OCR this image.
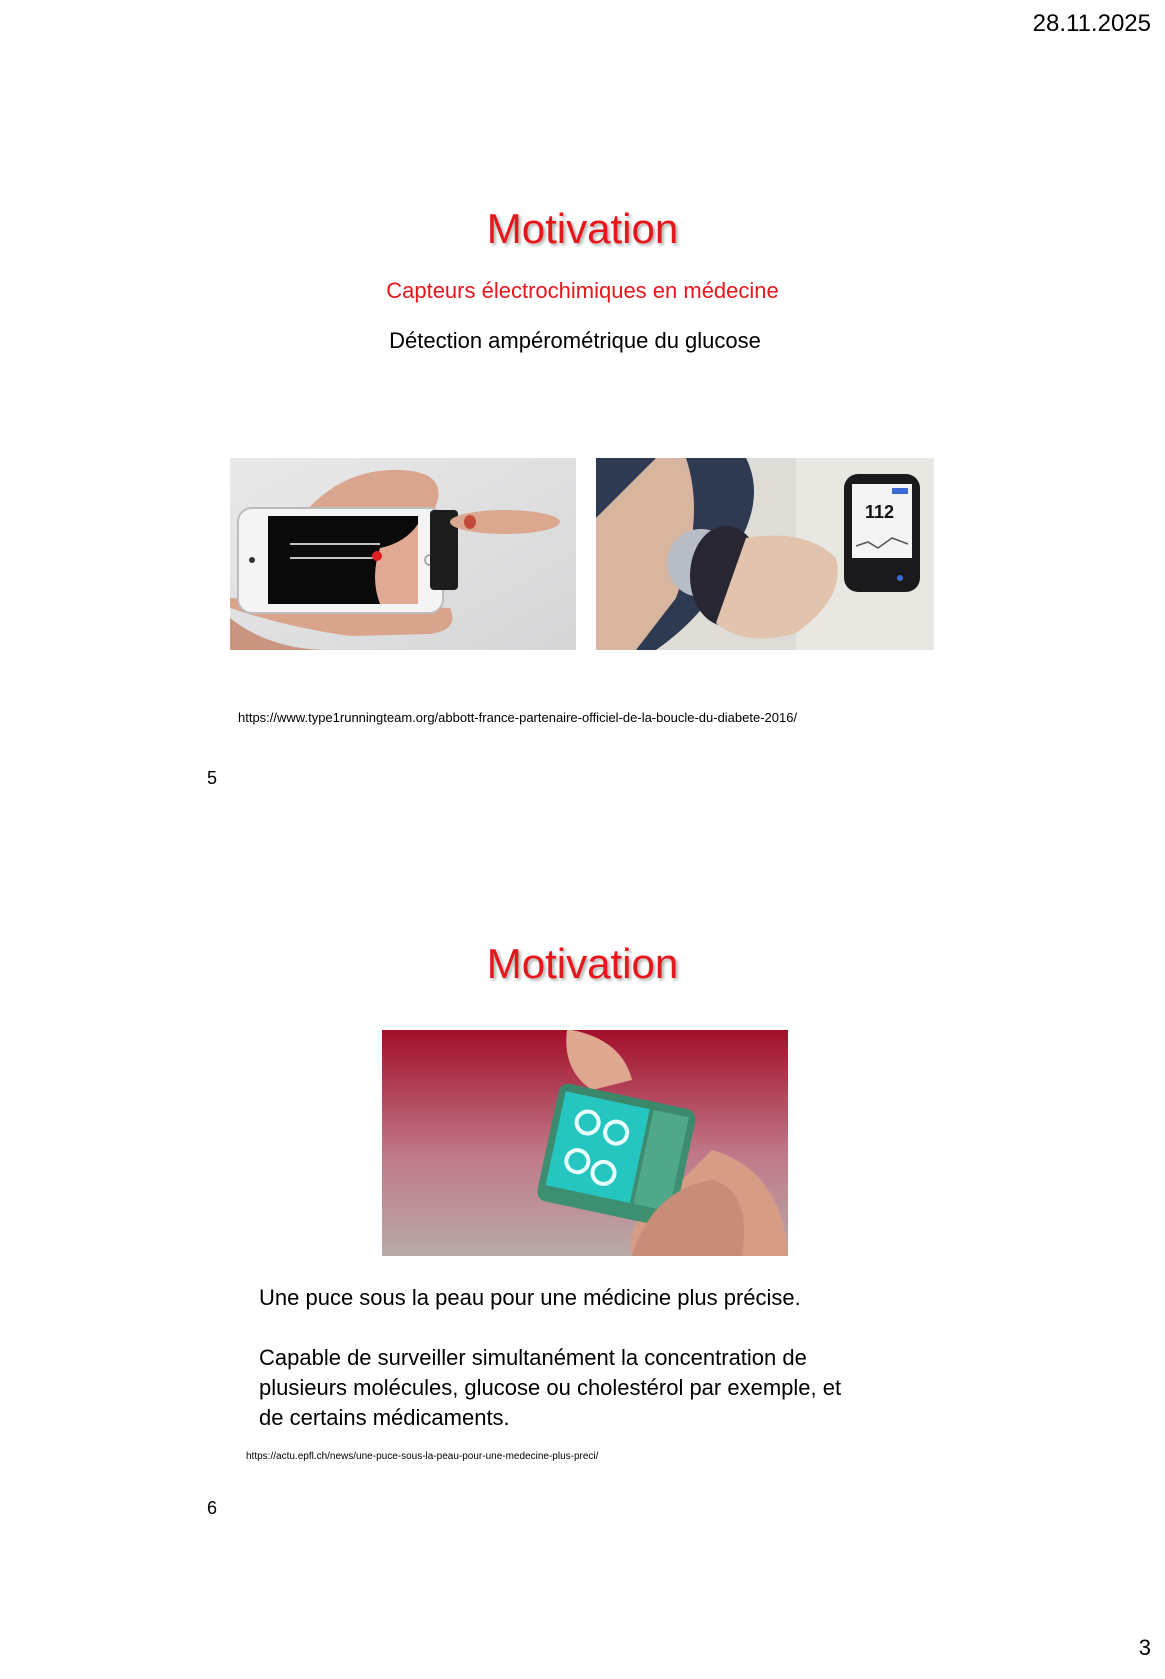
28.11.2025
Motivation
Capteurs électrochimiques en médecine
Détection ampérométrique du glucose
112
https://www.type1runningteam.org/abbott-france-partenaire-officiel-de-la-boucle-du-diabete-2016/
5
Motivation
Une puce sous la peau pour une médicine plus précise.
Capable de surveiller simultanément la concentration de
plusieurs molécules, glucose ou cholestérol par exemple, et
de certains médicaments.
https://actu.epfl.ch/news/une-puce-sous-la-peau-pour-une-medecine-plus-preci/
6
3
